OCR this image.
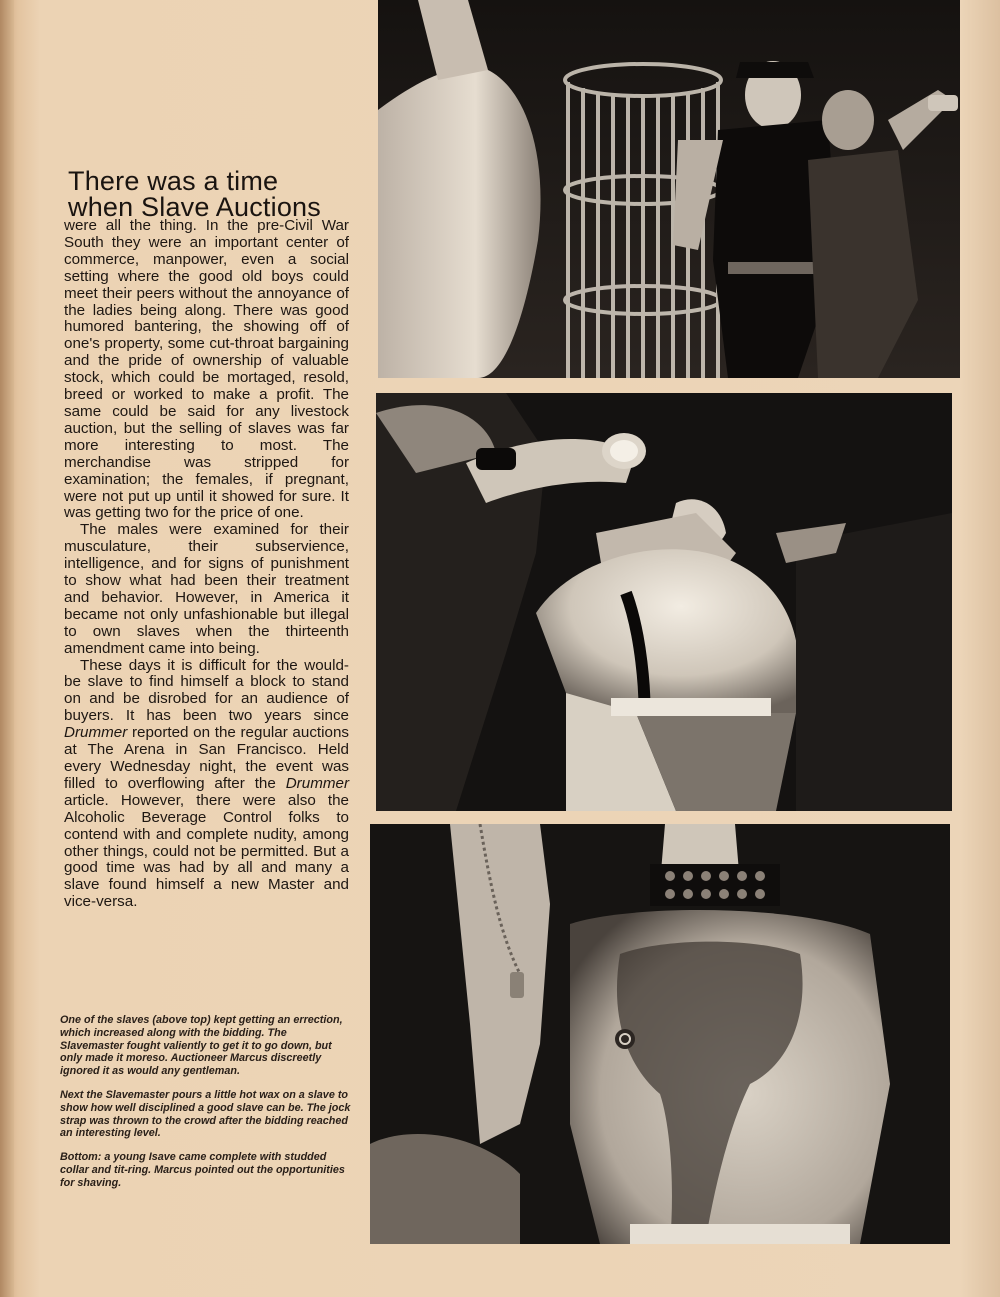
There was a time
when Slave Auctions

were all the thing. In the pre-Civil War South they were an important center of commerce, manpower, even a social setting where the good old boys could meet their peers without the annoyance of the ladies being along. There was good humored bantering, the showing off of one's property, some cut-throat bargaining and the pride of ownership of valuable stock, which could be mortaged, resold, breed or worked to make a profit. The same could be said for any livestock auction, but the selling of slaves was far more interesting to most. The merchandise was stripped for examination; the females, if pregnant, were not put up until it showed for sure. It was getting two for the price of one.

The males were examined for their musculature, their subservience, intelligence, and for signs of punishment to show what had been their treatment and behavior. However, in America it became not only unfashionable but illegal to own slaves when the thirteenth amendment came into being.

These days it is difficult for the would-be slave to find himself a block to stand on and be disrobed for an audience of buyers. It has been two years since Drummer reported on the regular auctions at The Arena in San Francisco. Held every Wednesday night, the event was filled to overflowing after the Drummer article. However, there were also the Alcoholic Beverage Control folks to contend with and complete nudity, among other things, could not be permitted. But a good time was had by all and many a slave found himself a new Master and vice-versa.

One of the slaves (above top) kept getting an errection, which increased along with the bidding. The Slavemaster fought valiently to get it to go down, but only made it moreso. Auctioneer Marcus discreetly ignored it as would any gentleman.

Next the Slavemaster pours a little hot wax on a slave to show how well disciplined a good slave can be. The jock strap was thrown to the crowd after the bidding reached an interesting level.

Bottom: a young Isave came complete with studded collar and tit-ring. Marcus pointed out the opportunities for shaving.
